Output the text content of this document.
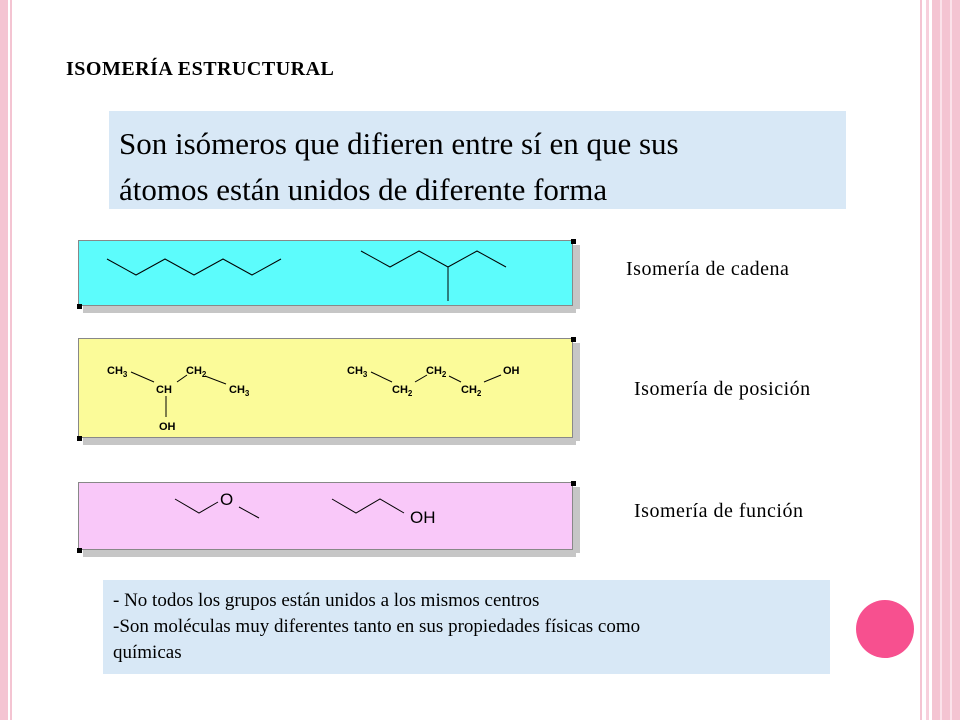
ISOMERÍA ESTRUCTURAL
Son isómeros que difieren entre sí en que sus
átomos están unidos de diferente forma
$CH_3$	$CH_2$
CH	$CH_3$
OH
$CH_3$	$CH_2$	OH
$CH_2$	$CH_2$
O
OH
Isomería de cadena
Isomería de posición
Isomería de función
- No todos los grupos están unidos a los mismos centros
-Son moléculas muy diferentes tanto en sus propiedades físicas como
químicas
